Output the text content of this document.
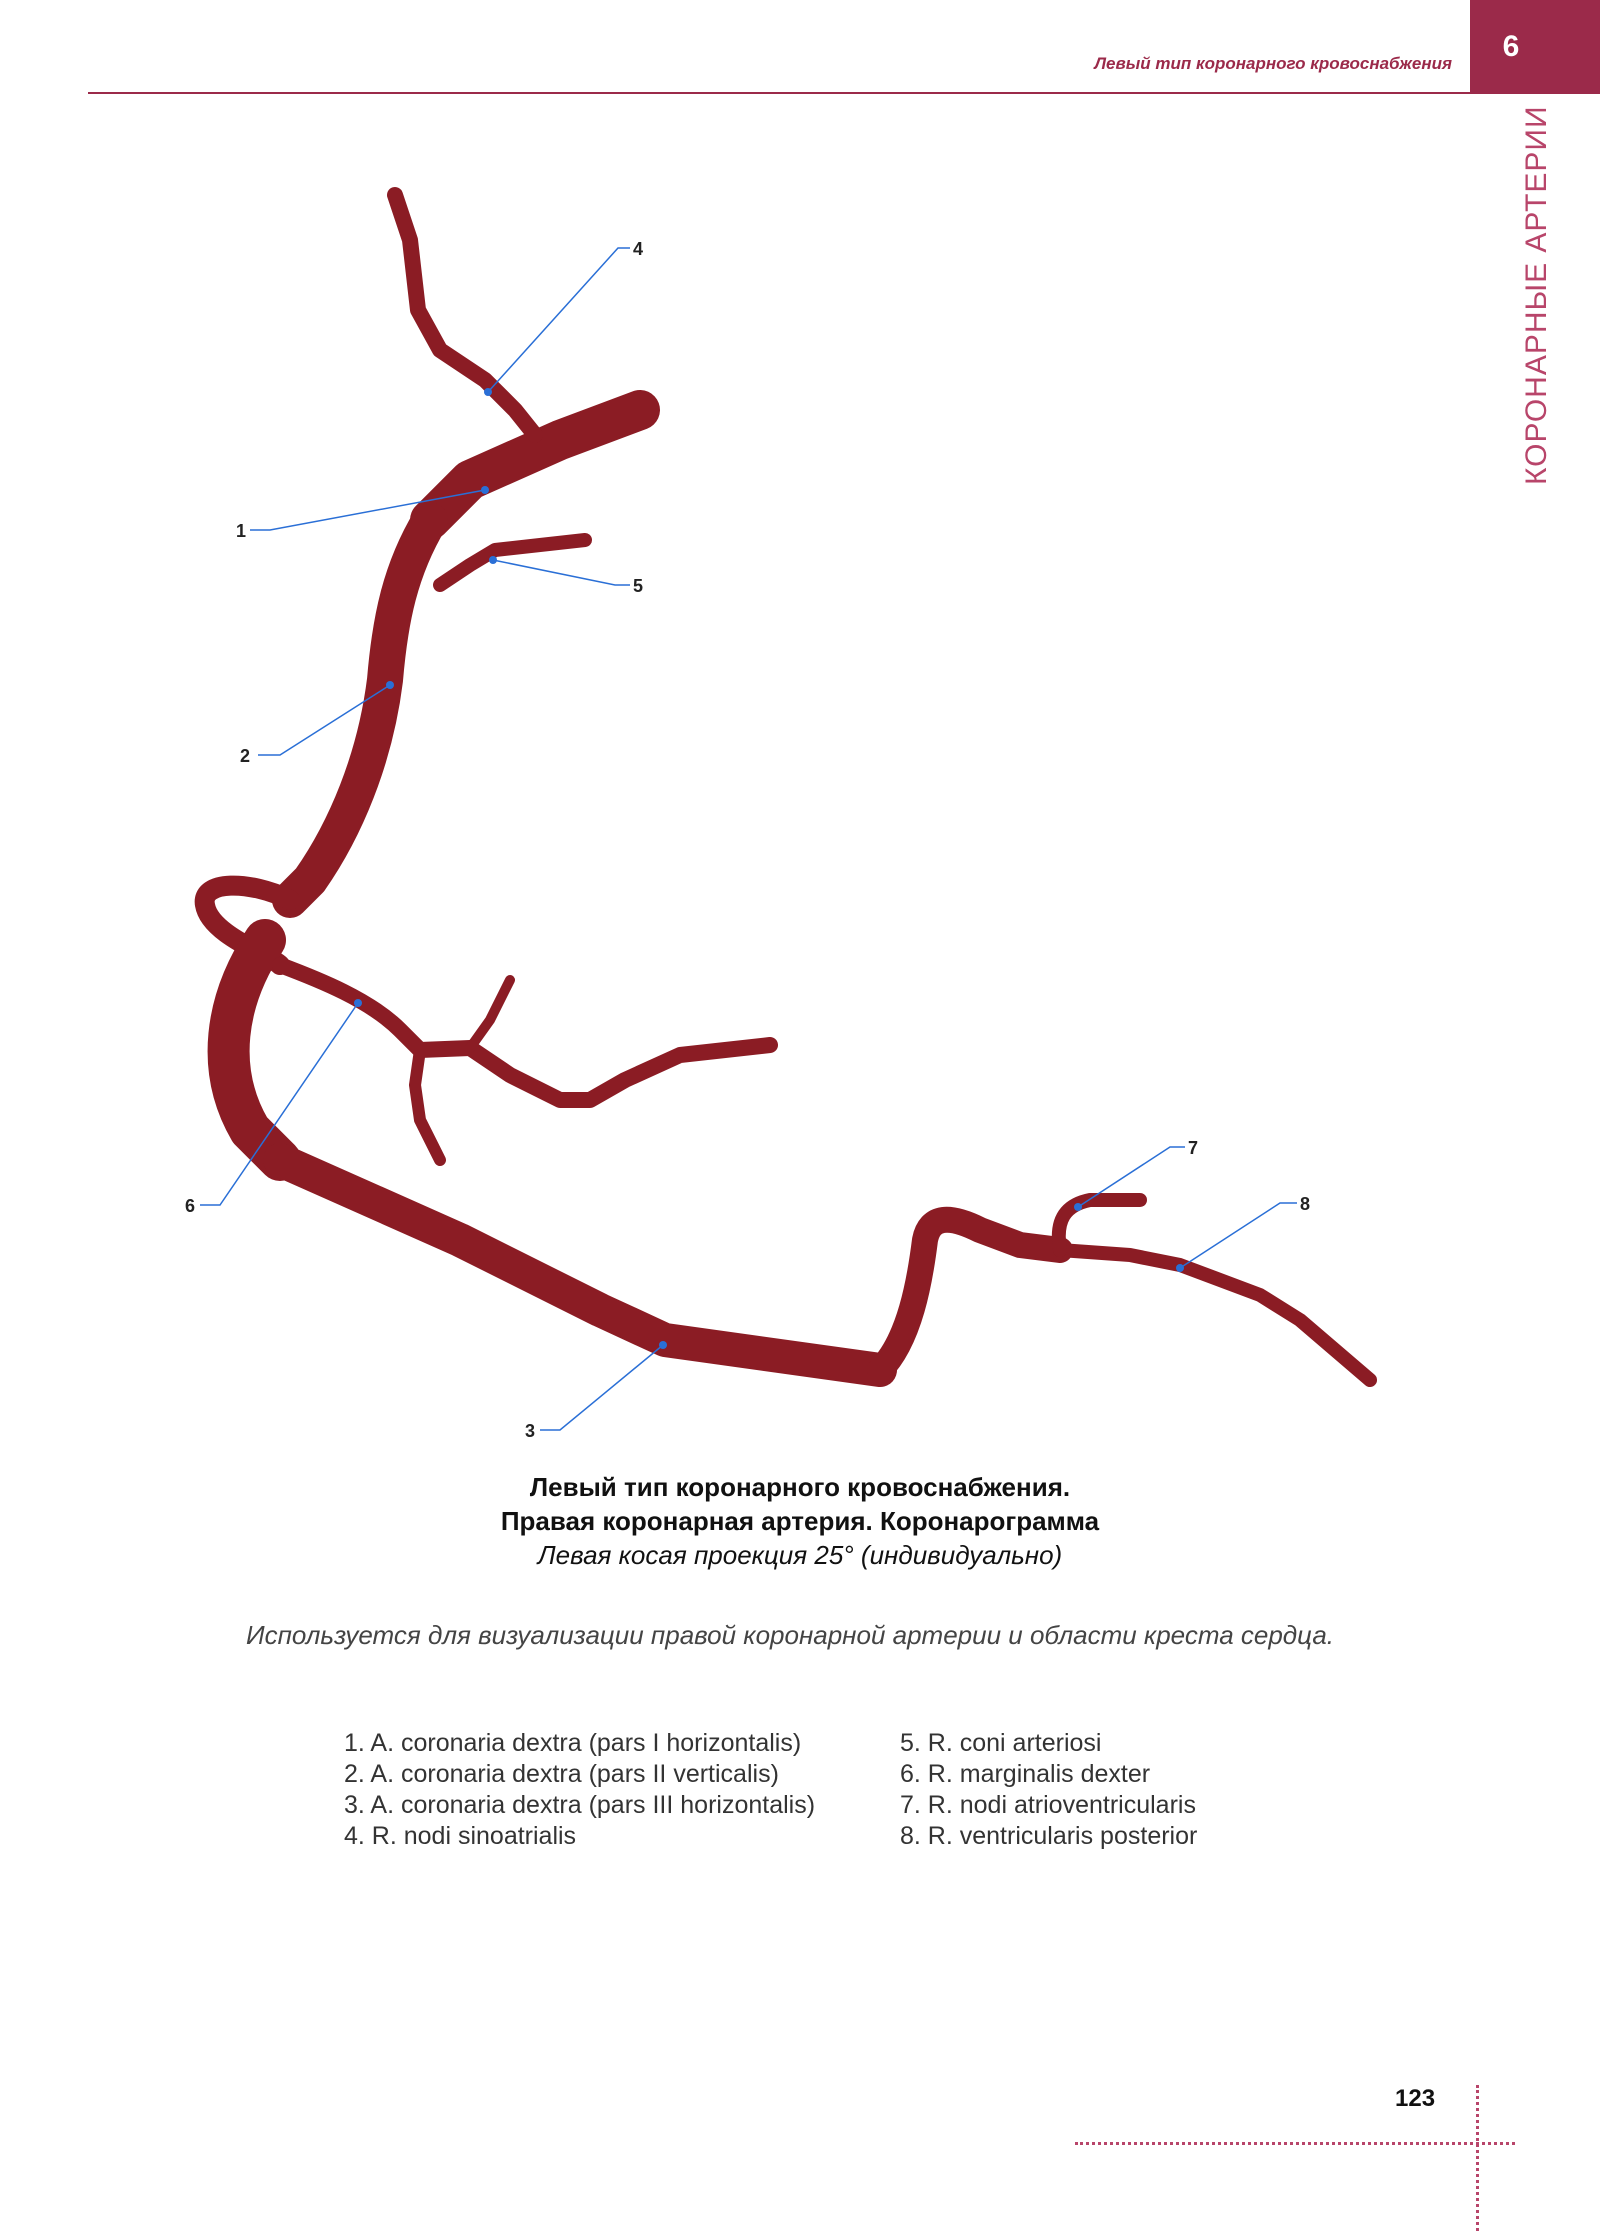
Левый тип коронарного кровоснабжения
6
КОРОНАРНЫЕ АРТЕРИИ
1
2
3
4
5
6
7
8
Левый тип коронарного кровоснабжения.
Правая коронарная артерия. Коронарограмма
Левая косая проекция 25° (индивидуально)
Используется для визуализации правой коронарной артерии и области креста сердца.
1. A. coronaria dextra (pars I horizontalis)
2. A. coronaria dextra (pars II verticalis)
3. A. coronaria dextra (pars III horizontalis)
4. R. nodi sinoatrialis
5. R. coni arteriosi
6. R. marginalis dexter
7. R. nodi atrioventricularis
8. R. ventricularis posterior
123
